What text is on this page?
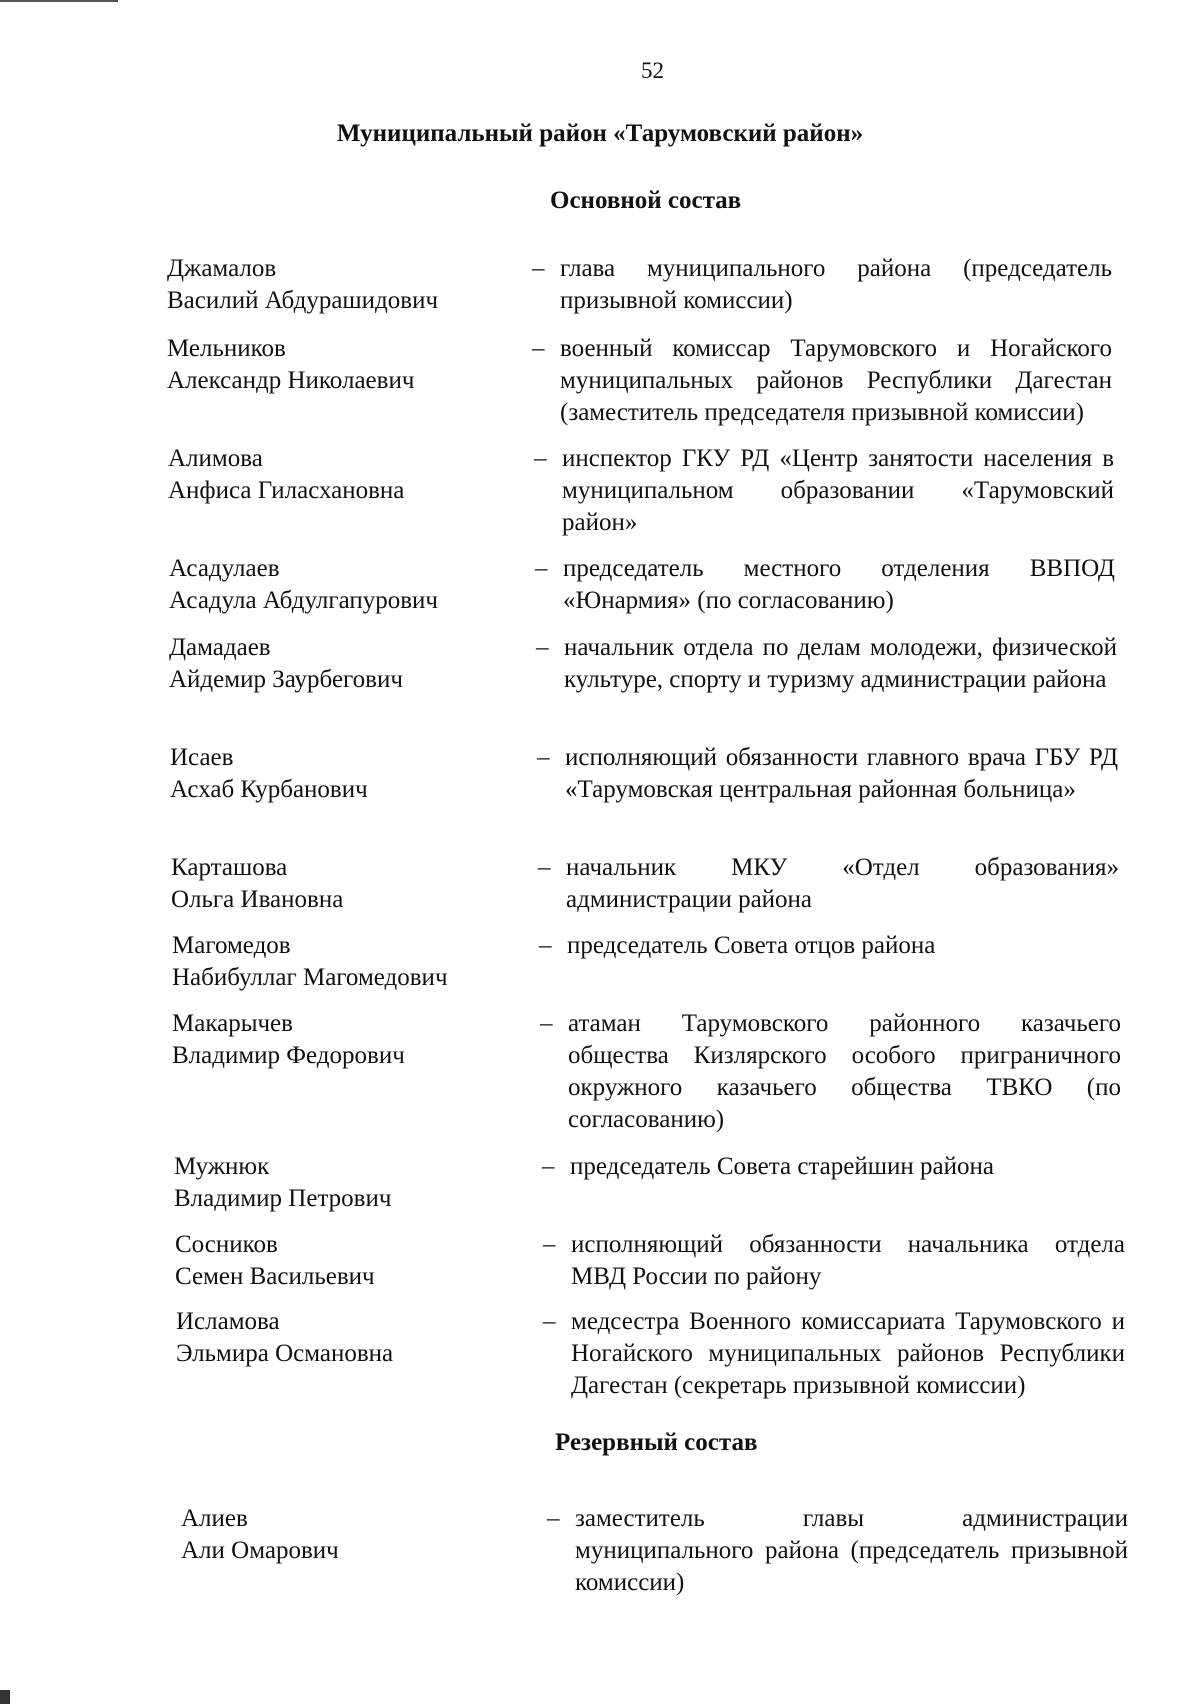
52
Муниципальный район «Тарумовский район»
Основной состав
Джамалов
Василий Абдурашидович
– глава муниципального района (председатель призывной комиссии)
Мельников
Александр Николаевич
– военный комиссар Тарумовского и Ногайского муниципальных районов Республики Дагестан (заместитель председателя призывной комиссии)
Алимова
Анфиса Гиласхановна
– инспектор ГКУ РД «Центр занятости населения в муниципальном образовании «Тарумовский район»
Асадулаев
Асадула Абдулгапурович
– председатель местного отделения ВВПОД «Юнармия» (по согласованию)
Дамадаев
Айдемир Заурбегович
– начальник отдела по делам молодежи, физической культуре, спорту и туризму администрации района
Исаев
Асхаб Курбанович
– исполняющий обязанности главного врача ГБУ РД «Тарумовская центральная районная больница»
Карташова
Ольга Ивановна
– начальник МКУ «Отдел образования» администрации района
Магомедов
Набибуллаг Магомедович
– председатель Совета отцов района
Макарычев
Владимир Федорович
– атаман Тарумовского районного казачьего общества Кизлярского особого приграничного окружного казачьего общества ТВКО (по согласованию)
Мужнюк
Владимир Петрович
– председатель Совета старейшин района
Сосников
Семен Васильевич
– исполняющий обязанности начальника отдела МВД России по району
Исламова
Эльмира Османовна
– медсестра Военного комиссариата Тарумовского и Ногайского муниципальных районов Республики Дагестан (секретарь призывной комиссии)
Резервный состав
Алиев
Али Омарович
– заместитель главы администрации муниципального района (председатель призывной комиссии)
